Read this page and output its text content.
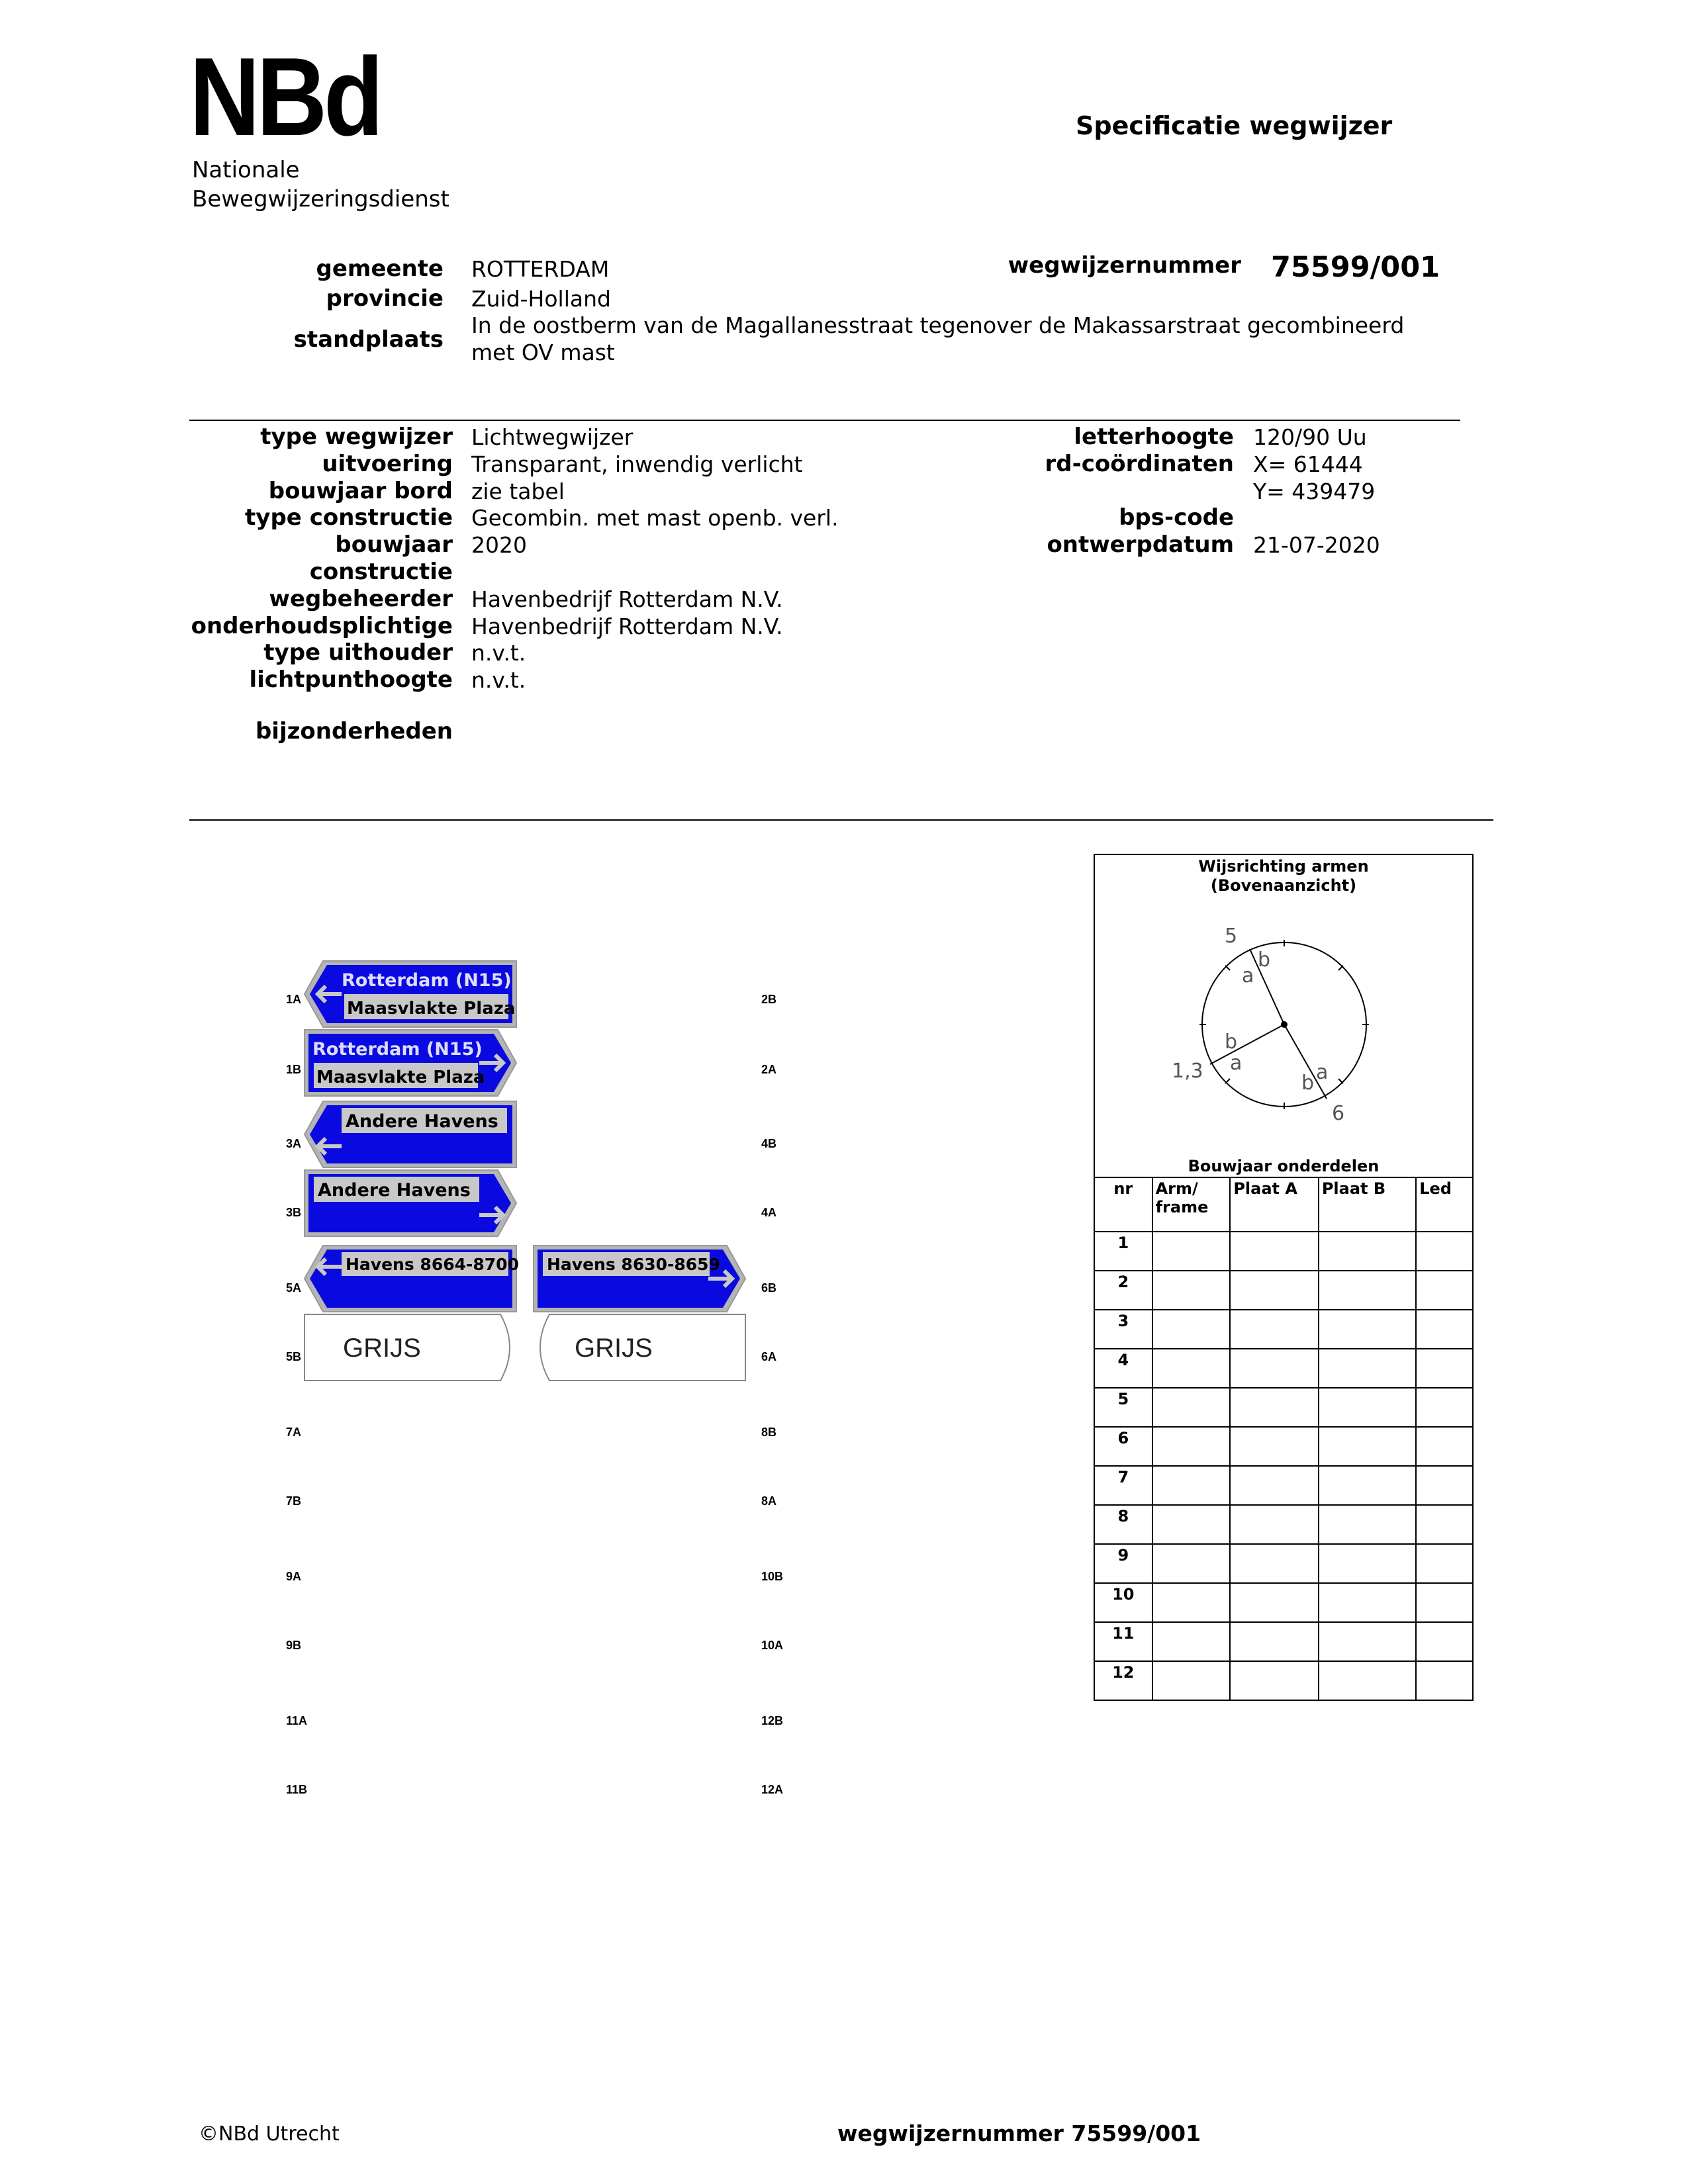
NBd
Nationale
Bewegwijzeringsdienst
Specificatie wegwijzer
gemeente ROTTERDAM
provincie Zuid-Holland
standplaats
In de oostberm van de Magallanesstraat tegenover de Makassarstraat gecombineerd
met OV mast
wegwijzernummer 75599/001
type wegwijzer Lichtwegwijzer
uitvoering Transparant, inwendig verlicht
bouwjaar bord zie tabel
type constructie Gecombin. met mast openb. verl.
bouwjaar 2020
constructie
wegbeheerder Havenbedrijf Rotterdam N.V.
onderhoudsplichtige Havenbedrijf Rotterdam N.V.
type uithouder n.v.t.
lichtpunthoogte n.v.t.
letterhoogte 120/90 Uu
rd-coördinaten X= 61444
Y= 439479
bps-code
ontwerpdatum 21-07-2020
bijzonderheden
1A
1B
3A
3B
5A
5B
7A
7B
9A
9B
11A
11B
2B
2A
4B
4A
6B
6A
8B
8A
10B
10A
12B
12A
Rotterdam (N15)
Maasvlakte Plaza
Rotterdam (N15)
Maasvlakte Plaza
Andere Havens
Andere Havens
Havens 8664-8700 Havens 8630-8659
GRIJS	GRIJS
Wijsrichting armen
(Bovenaanzicht)
5
1,3
6
b
a
b
a
b a
Bouwjaar onderdelen
nr	Arm/ frame	Plaat A	Plaat B	Led
1				
2				
3				
4				
5				
6				
7				
8				
9				
10				
11				
12				
©NBd Utrecht	wegwijzernummer 75599/001
